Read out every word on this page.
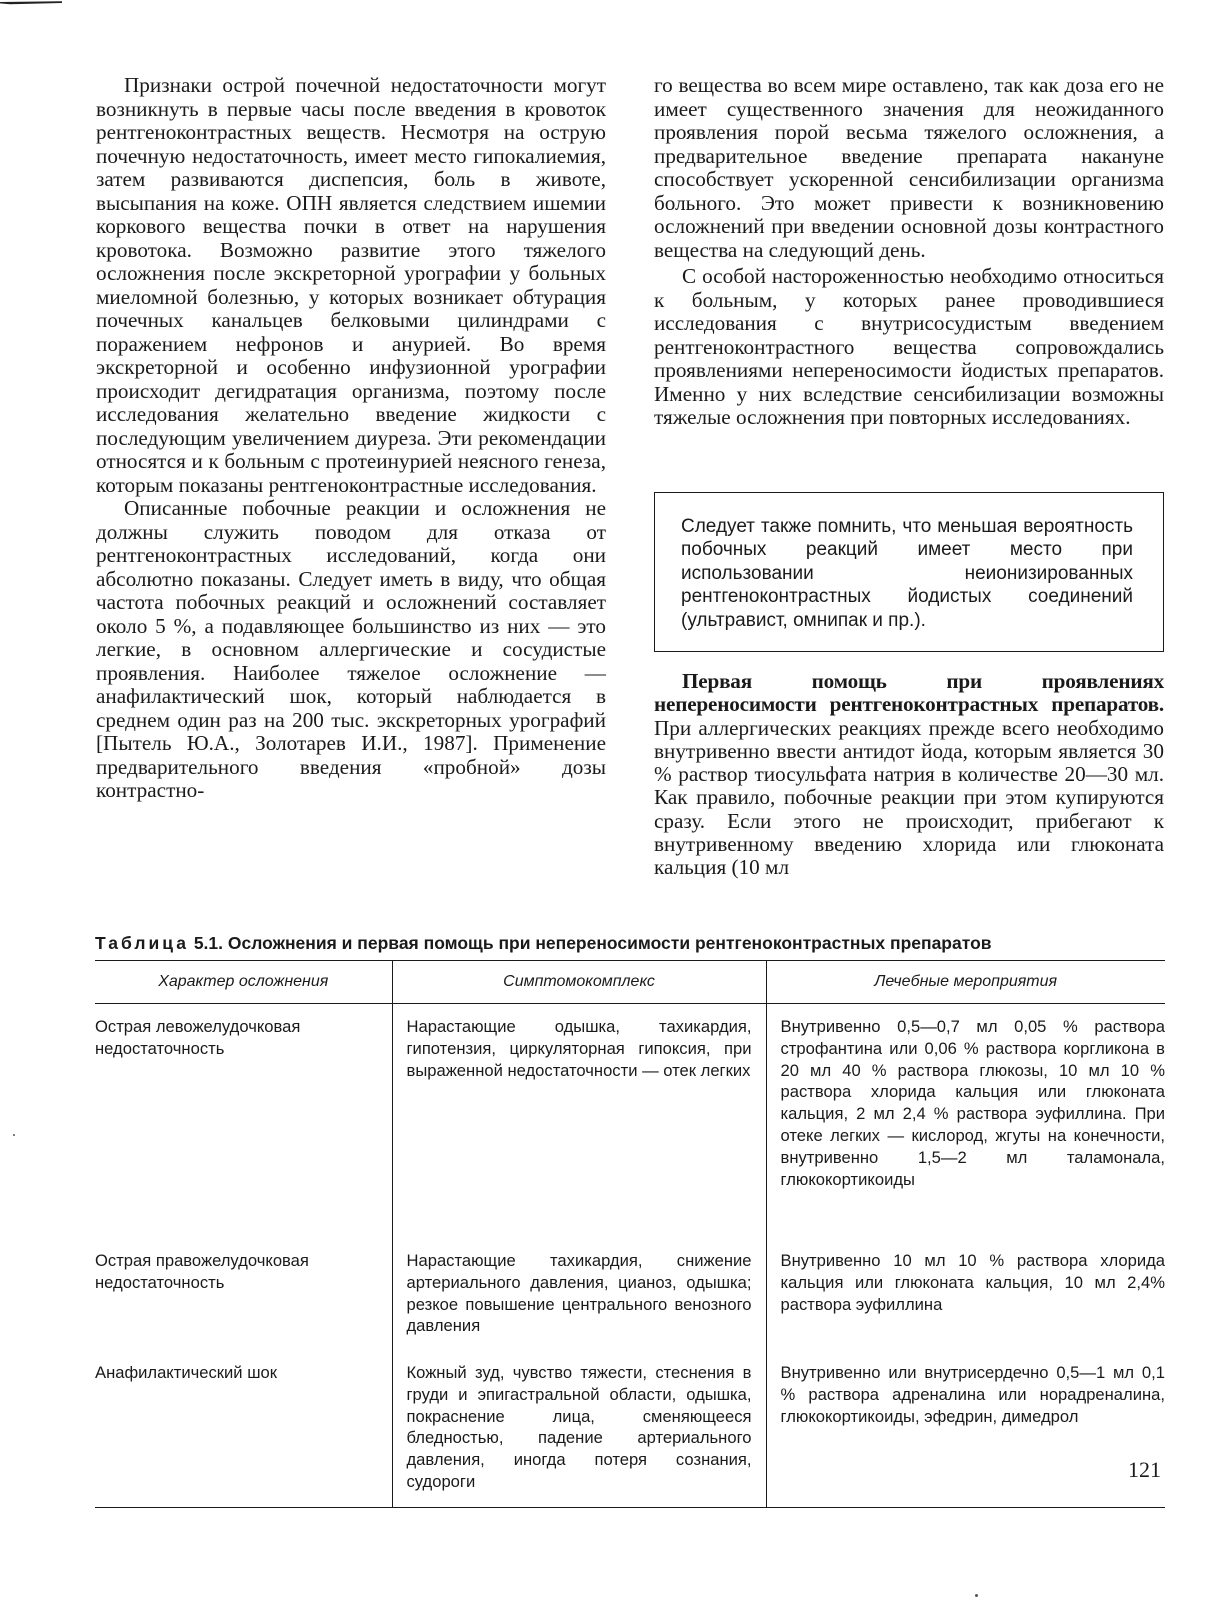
Признаки острой почечной недостаточности могут возникнуть в первые часы после введения в кровоток рентгеноконтрастных веществ. Несмотря на острую почечную недостаточность, имеет место гипокалиемия, затем развиваются диспепсия, боль в животе, высыпания на коже. ОПН является следствием ишемии коркового вещества почки в ответ на нарушения кровотока. Возможно развитие этого тяжелого осложнения после экскреторной урографии у больных миеломной болезнью, у которых возникает обтурация почечных канальцев белковыми цилиндрами с поражением нефронов и анурией. Во время экскреторной и особенно инфузионной урографии происходит дегидратация организма, поэтому после исследования желательно введение жидкости с последующим увеличением диуреза. Эти рекомендации относятся и к больным с протеинурией неясного генеза, которым показаны рентгеноконтрастные исследования.

Описанные побочные реакции и осложнения не должны служить поводом для отказа от рентгеноконтрастных исследований, когда они абсолютно показаны. Следует иметь в виду, что общая частота побочных реакций и осложнений составляет около 5 %, а подавляющее большинство из них — это легкие, в основном аллергические и сосудистые проявления. Наиболее тяжелое осложнение — анафилактический шок, который наблюдается в среднем один раз на 200 тыс. экскреторных урографий [Пытель Ю.А., Золотарев И.И., 1987]. Применение предварительного введения «пробной» дозы контрастно-

го вещества во всем мире оставлено, так как доза его не имеет существенного значения для неожиданного проявления порой весьма тяжелого осложнения, а предварительное введение препарата накануне способствует ускоренной сенсибилизации организма больного. Это может привести к возникновению осложнений при введении основной дозы контрастного вещества на следующий день.

С особой настороженностью необходимо относиться к больным, у которых ранее проводившиеся исследования с внутрисосудистым введением рентгеноконтрастного вещества сопровождались проявлениями непереносимости йодистых препаратов. Именно у них вследствие сенсибилизации возможны тяжелые осложнения при повторных исследованиях.

Следует также помнить, что меньшая вероятность побочных реакций имеет место при использовании неионизированных рентгеноконтрастных йодистых соединений (ультравист, омнипак и пр.).

Первая помощь при проявлениях непереносимости рентгеноконтрастных препаратов. При аллергических реакциях прежде всего необходимо внутривенно ввести антидот йода, которым является 30 % раствор тиосульфата натрия в количестве 20—30 мл. Как правило, побочные реакции при этом купируются сразу. Если этого не происходит, прибегают к внутривенному введению хлорида или глюконата кальция (10 мл

Таблица 5.1. Осложнения и первая помощь при непереносимости рентгеноконтрастных препаратов
Характер осложнения	Симптомокомплекс	Лечебные мероприятия
Острая левожелудочковая недостаточность	Нарастающие одышка, тахикардия, гипотензия, циркуляторная гипоксия, при выраженной недостаточности — отек легких	Внутривенно 0,5—0,7 мл 0,05 % раствора строфантина или 0,06 % раствора коргликона в 20 мл 40 % раствора глюкозы, 10 мл 10 % раствора хлорида кальция или глюконата кальция, 2 мл 2,4 % раствора эуфиллина. При отеке легких — кислород, жгуты на конечности, внутривенно 1,5—2 мл таламонала, глюкокортикоиды
Острая правожелудочковая недостаточность	Нарастающие тахикардия, снижение артериального давления, цианоз, одышка; резкое повышение центрального венозного давления	Внутривенно 10 мл 10 % раствора хлорида кальция или глюконата кальция, 10 мл 2,4% раствора эуфиллина
Анафилактический шок	Кожный зуд, чувство тяжести, стеснения в груди и эпигастральной области, одышка, покраснение лица, сменяющееся бледностью, падение артериального давления, иногда потеря сознания, судороги	Внутривенно или внутрисердечно 0,5—1 мл 0,1 % раствора адреналина или норадреналина, глюкокортикоиды, эфедрин, димедрол
121
